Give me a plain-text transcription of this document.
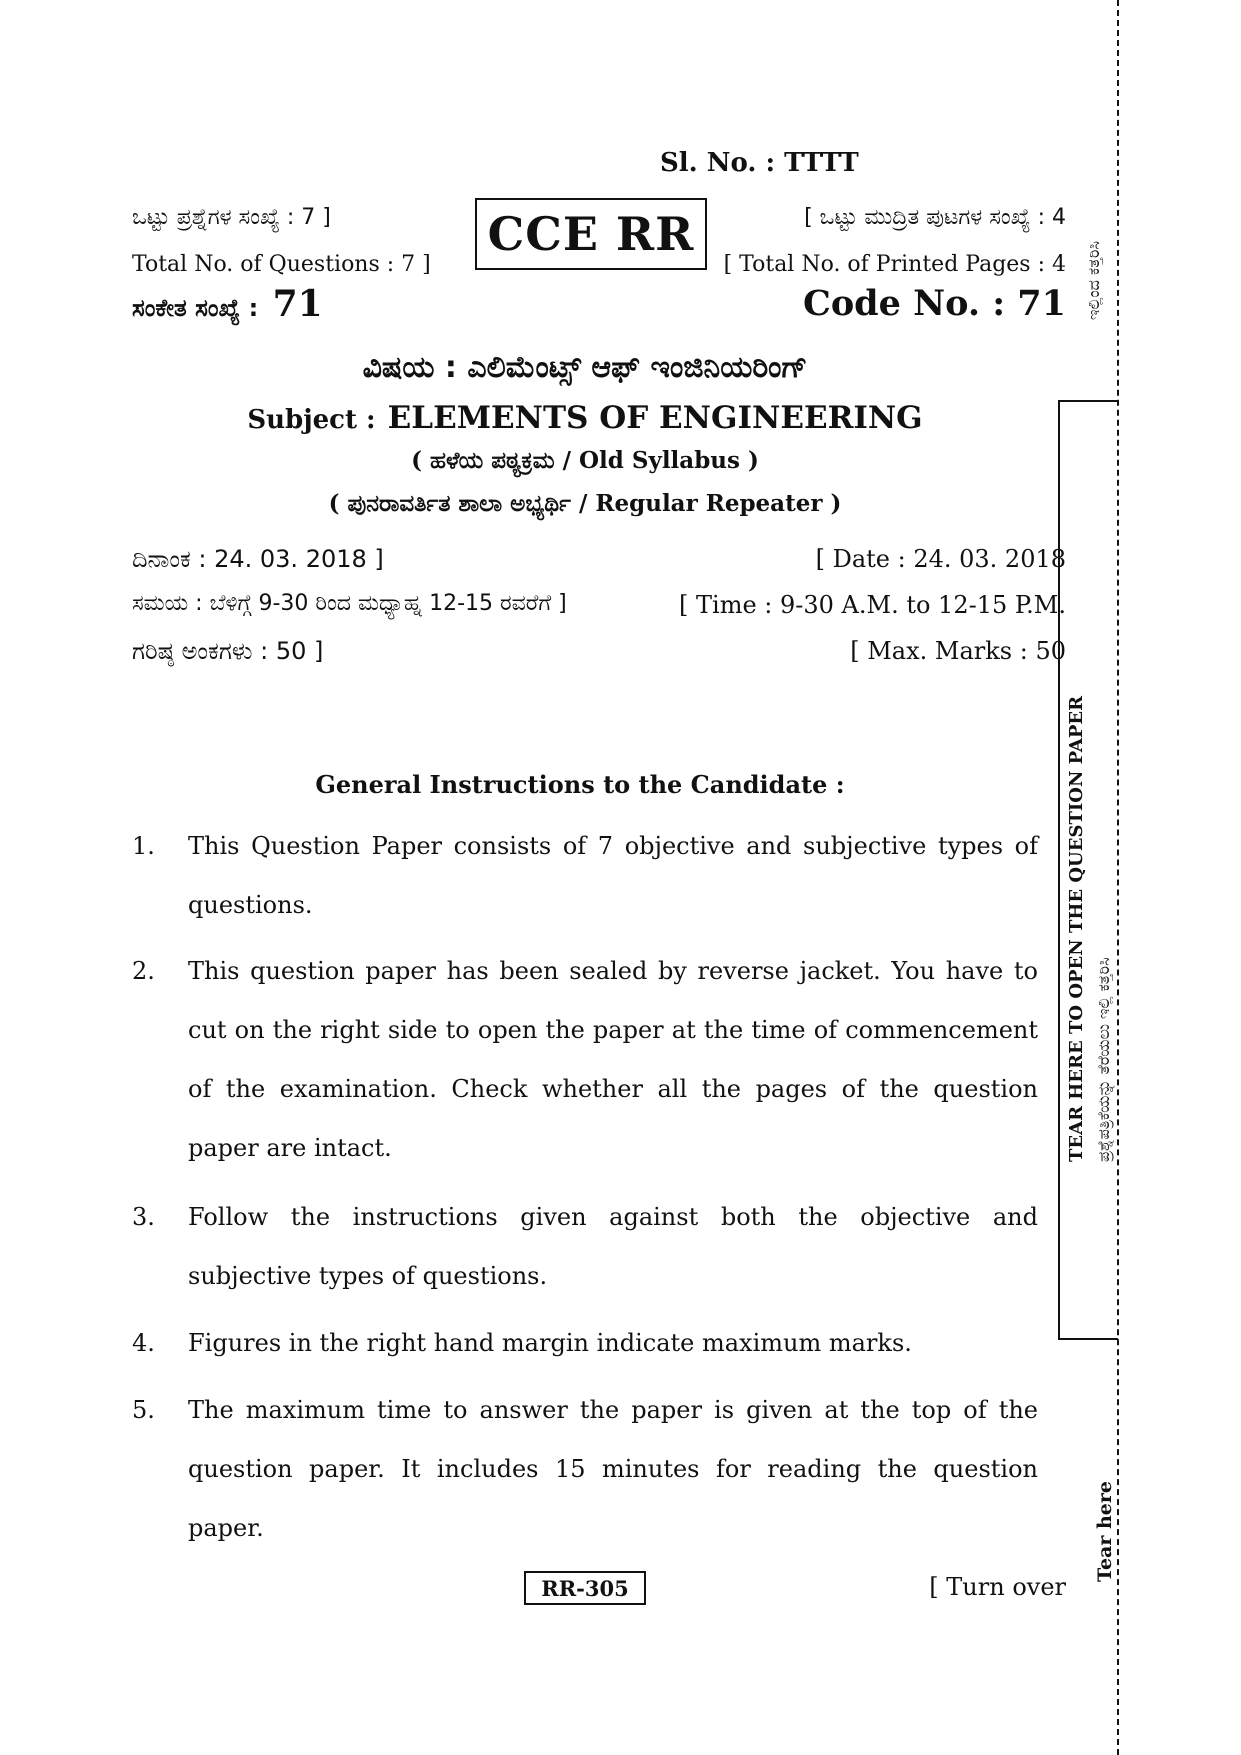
Sl. No. : TTTT
ಒಟ್ಟು ಪ್ರಶ್ನೆಗಳ ಸಂಖ್ಯೆ : 7 ]
Total No. of Questions : 7 ]
CCE RR	[ ಒಟ್ಟು ಮುದ್ರಿತ ಪುಟಗಳ ಸಂಖ್ಯೆ : 4
[ Total No. of Printed Pages : 4
ಸಂಕೇತ ಸಂಖ್ಯೆ : 71	Code No. : 71
ವಿಷಯ : ಎಲಿಮೆಂಟ್ಸ್ ಆಫ್ ಇಂಜಿನಿಯರಿಂಗ್
Subject : ELEMENTS OF ENGINEERING
( ಹಳೆಯ ಪಠ್ಯಕ್ರಮ / Old Syllabus )
( ಪುನರಾವರ್ತಿತ ಶಾಲಾ ಅಭ್ಯರ್ಥಿ / Regular Repeater )
ದಿನಾಂಕ : 24. 03. 2018 ]	[ Date : 24. 03. 2018
ಸಮಯ : ಬೆಳಿಗ್ಗೆ 9-30 ರಿಂದ ಮಧ್ಯಾಹ್ನ 12-15 ರವರೆಗೆ ]	[ Time : 9-30 A.M. to 12-15 P.M.
ಗರಿಷ್ಠ ಅಂಕಗಳು : 50 ]	[ Max. Marks : 50
General Instructions to the Candidate :
1. This Question Paper consists of 7 objective and subjective types of questions.
2. This question paper has been sealed by reverse jacket. You have to cut on the right side to open the paper at the time of commencement of the examination. Check whether all the pages of the question paper are intact.
3. Follow the instructions given against both the objective and subjective types of questions.
4. Figures in the right hand margin indicate maximum marks.
5. The maximum time to answer the paper is given at the top of the question paper. It includes 15 minutes for reading the question paper.
RR-305	[ Turn over
ಇಲ್ಲಿಂದ ಕತ್ತರಿಸಿ
TEAR HERE TO OPEN THE QUESTION PAPER ಪ್ರಶ್ನೆಪತ್ರಿಕೆಯನ್ನು ತೆರೆಯಲು ಇಲ್ಲಿ ಕತ್ತರಿಸಿ
Tear here
